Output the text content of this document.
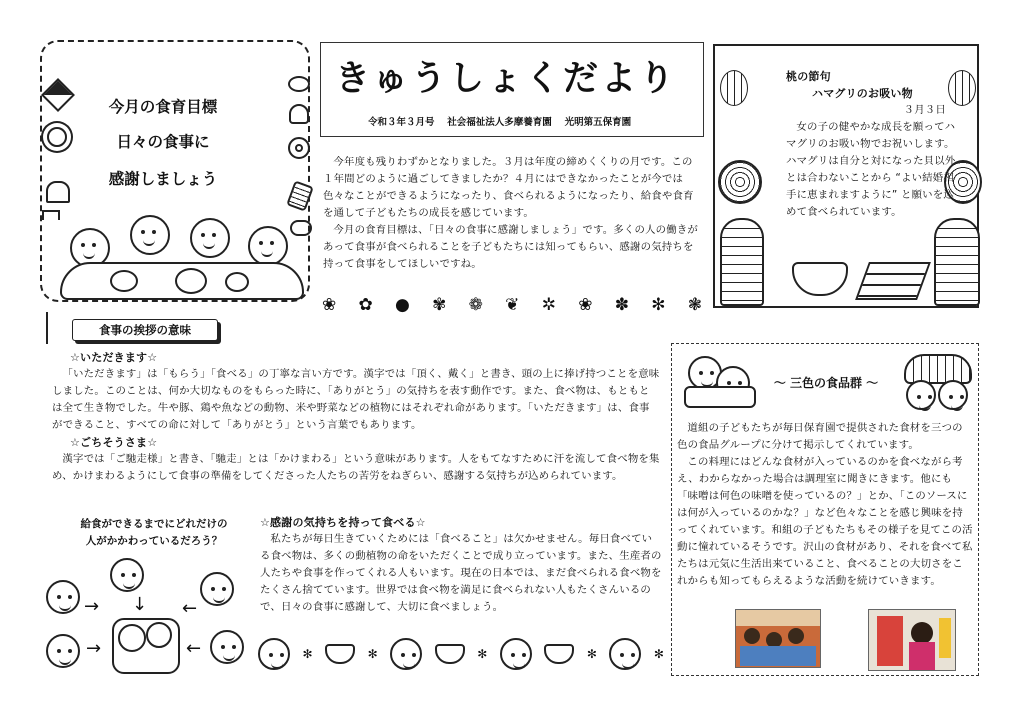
今月の食育目標
日々の食事に
感謝しましょう
きゅうしょくだより
令和３年３月号　 社会福祉法人多摩養育園 　光明第五保育園

今年度も残りわずかとなりました。３月は年度の締めくくりの月です。この１年間どのように過ごしてきましたか？４月にはできなかったことが今では色々なことができるようになったり、食べられるようになったり、給食や食育を通して子どもたちの成長を感じています。

今月の食育目標は、「日々の食事に感謝しましょう」です。多くの人の働きがあって食事が食べられることを子どもたちには知ってもらい、感謝の気持ちを持って食事をしてほしいですね。

❀ ✿ ● ✾ ❁ ❦ ✲ ❀ ✽ ✻ ❃
桃の節句
ハマグリのお吸い物
３月３日

女の子の健やかな成長を願ってハマグリのお吸い物でお祝いします。ハマグリは自分と対になった貝以外とは合わないことから “よい結婚相手に恵まれますように” と願いを込めて食べられています。

食事の挨拶の意味
☆いただきます☆

「いただきます」は「もらう」「食べる」の丁寧な言い方です。漢字では「頂く、戴く」と書き、頭の上に捧げ持つことを意味しました。このことは、何か大切なものをもらった時に、「ありがとう」の気持ちを表す動作です。また、食べ物は、もともとは全て生き物でした。牛や豚、鶏や魚などの動物、米や野菜などの植物にはそれぞれ命があります。「いただきます」は、食事ができること、すべての命に対して「ありがとう」という言葉でもあります。

☆ごちそうさま☆

漢字では「ご馳走様」と書き、「馳走」とは「かけまわる」という意味があります。人をもてなすために汗を流して食べ物を集め、かけまわるようにして食事の準備をしてくださった人たちの苦労をねぎらい、感謝する気持ちが込められています。

給食ができるまでにどれだけの
人がかかわっているだろう？
→ ↓ ←
→	←
☆感謝の気持ちを持って食べる☆

私たちが毎日生きていくためには「食べること」は欠かせません。毎日食べている食べ物は、多くの動植物の命をいただくことで成り立っています。また、生産者の人たちや食事を作ってくれる人もいます。現在の日本では、まだ食べられる食べ物をたくさん捨てています。世界では食べ物を満足に食べられない人もたくさんいるので、日々の食事に感謝して、大切に食べましょう。

✻	✻	✻	✻	✻
～ 三色の食品群 ～

道組の子どもたちが毎日保育園で提供された食材を三つの色の食品グループに分けて掲示してくれています。

この料理にはどんな食材が入っているのかを食べながら考え、わからなかった場合は調理室に聞きにきます。他にも「味噌は何色の味噌を使っているの？」とか、「このソースには何が入っているのかな？」など色々なことを感じ興味を持ってくれています。和組の子どもたちもその様子を見てこの活動に憧れているそうです。沢山の食材があり、それを食べて私たちは元気に生活出来ていること、食べることの大切さをこれからも知ってもらえるような活動を続けていきます。
